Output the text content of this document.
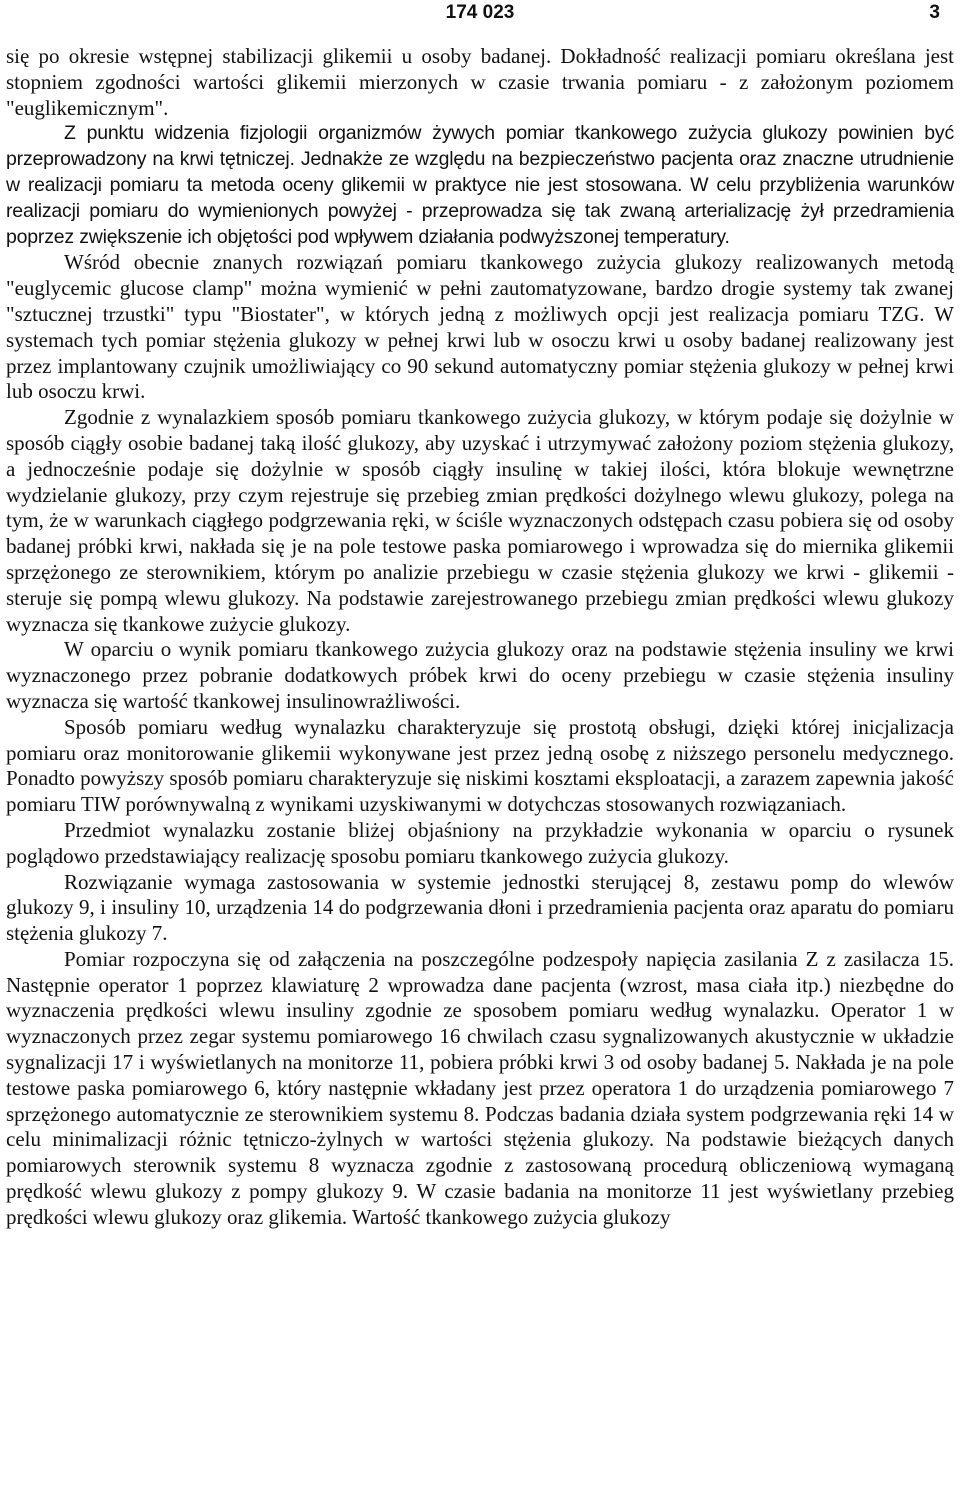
174 023	3

się po okresie wstępnej stabilizacji glikemii u osoby badanej. Dokładność realizacji pomiaru określana jest stopniem zgodności wartości glikemii mierzonych w czasie trwania pomiaru - z założonym poziomem "euglikemicznym".

Z punktu widzenia fizjologii organizmów żywych pomiar tkankowego zużycia glukozy powinien być przeprowadzony na krwi tętniczej. Jednakże ze względu na bezpieczeństwo pacjenta oraz znaczne utrudnienie w realizacji pomiaru ta metoda oceny glikemii w praktyce nie jest stosowana. W celu przybliżenia warunków realizacji pomiaru do wymienionych powyżej - przeprowadza się tak zwaną arterializację żył przedramienia poprzez zwiększenie ich objętości pod wpływem działania podwyższonej temperatury.

Wśród obecnie znanych rozwiązań pomiaru tkankowego zużycia glukozy realizowanych metodą "euglycemic glucose clamp" można wymienić w pełni zautomatyzowane, bardzo drogie systemy tak zwanej "sztucznej trzustki" typu "Biostater", w których jedną z możliwych opcji jest realizacja pomiaru TZG. W systemach tych pomiar stężenia glukozy w pełnej krwi lub w osoczu krwi u osoby badanej realizowany jest przez implantowany czujnik umożliwiający co 90 sekund automatyczny pomiar stężenia glukozy w pełnej krwi lub osoczu krwi.

Zgodnie z wynalazkiem sposób pomiaru tkankowego zużycia glukozy, w którym podaje się dożylnie w sposób ciągły osobie badanej taką ilość glukozy, aby uzyskać i utrzymywać założony poziom stężenia glukozy, a jednocześnie podaje się dożylnie w sposób ciągły insulinę w takiej ilości, która blokuje wewnętrzne wydzielanie glukozy, przy czym rejestruje się przebieg zmian prędkości dożylnego wlewu glukozy, polega na tym, że w warunkach ciągłego podgrzewania ręki, w ściśle wyznaczonych odstępach czasu pobiera się od osoby badanej próbki krwi, nakłada się je na pole testowe paska pomiarowego i wprowadza się do miernika glikemii sprzężonego ze sterownikiem, którym po analizie przebiegu w czasie stężenia glukozy we krwi - glikemii - steruje się pompą wlewu glukozy. Na podstawie zarejestrowanego przebiegu zmian prędkości wlewu glukozy wyznacza się tkankowe zużycie glukozy.

W oparciu o wynik pomiaru tkankowego zużycia glukozy oraz na podstawie stężenia insuliny we krwi wyznaczonego przez pobranie dodatkowych próbek krwi do oceny przebiegu w czasie stężenia insuliny wyznacza się wartość tkankowej insulinowrażliwości.

Sposób pomiaru według wynalazku charakteryzuje się prostotą obsługi, dzięki której inicjalizacja pomiaru oraz monitorowanie glikemii wykonywane jest przez jedną osobę z niższego personelu medycznego. Ponadto powyższy sposób pomiaru charakteryzuje się niskimi kosztami eksploatacji, a zarazem zapewnia jakość pomiaru TIW porównywalną z wynikami uzyskiwanymi w dotychczas stosowanych rozwiązaniach.

Przedmiot wynalazku zostanie bliżej objaśniony na przykładzie wykonania w oparciu o rysunek poglądowo przedstawiający realizację sposobu pomiaru tkankowego zużycia glukozy.

Rozwiązanie wymaga zastosowania w systemie jednostki sterującej 8, zestawu pomp do wlewów glukozy 9, i insuliny 10, urządzenia 14 do podgrzewania dłoni i przedramienia pacjenta oraz aparatu do pomiaru stężenia glukozy 7.

Pomiar rozpoczyna się od załączenia na poszczególne podzespoły napięcia zasilania Z z zasilacza 15. Następnie operator 1 poprzez klawiaturę 2 wprowadza dane pacjenta (wzrost, masa ciała itp.) niezbędne do wyznaczenia prędkości wlewu insuliny zgodnie ze sposobem pomiaru według wynalazku. Operator 1 w wyznaczonych przez zegar systemu pomiarowego 16 chwilach czasu sygnalizowanych akustycznie w układzie sygnalizacji 17 i wyświetlanych na monitorze 11, pobiera próbki krwi 3 od osoby badanej 5. Nakłada je na pole testowe paska pomiarowego 6, który następnie wkładany jest przez operatora 1 do urządzenia pomiarowego 7 sprzężonego automatycznie ze sterownikiem systemu 8. Podczas badania działa system podgrzewania ręki 14 w celu minimalizacji różnic tętniczo-żylnych w wartości stężenia glukozy. Na podstawie bieżących danych pomiarowych sterownik systemu 8 wyznacza zgodnie z zastosowaną procedurą obliczeniową wymaganą prędkość wlewu glukozy z pompy glukozy 9. W czasie badania na monitorze 11 jest wyświetlany przebieg prędkości wlewu glukozy oraz glikemia. Wartość tkankowego zużycia glukozy
